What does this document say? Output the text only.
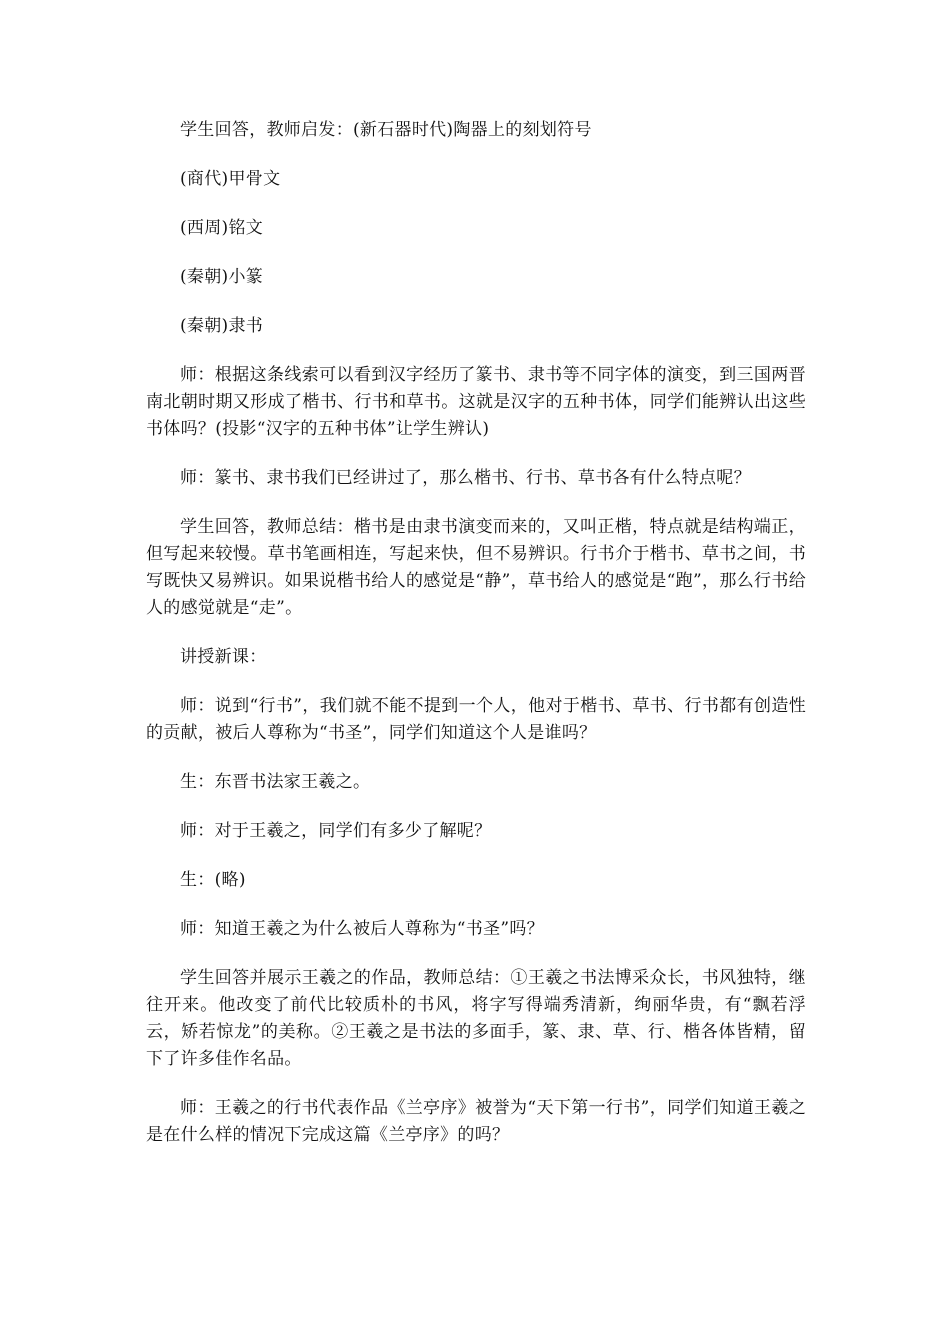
学生回答，教师启发：(新石器时代)陶器上的刻划符号

(商代)甲骨文

(西周)铭文

(秦朝)小篆

(秦朝)隶书

师：根据这条线索可以看到汉字经历了篆书、隶书等不同字体的演变，到三国两晋南北朝时期又形成了楷书、行书和草书。这就是汉字的五种书体，同学们能辨认出这些书体吗？(投影“汉字的五种书体”让学生辨认)

师：篆书、隶书我们已经讲过了，那么楷书、行书、草书各有什么特点呢？

学生回答，教师总结：楷书是由隶书演变而来的，又叫正楷，特点就是结构端正，但写起来较慢。草书笔画相连，写起来快，但不易辨识。行书介于楷书、草书之间，书写既快又易辨识。如果说楷书给人的感觉是“静”，草书给人的感觉是“跑”，那么行书给人的感觉就是“走”。

讲授新课：

师：说到“行书”，我们就不能不提到一个人，他对于楷书、草书、行书都有创造性的贡献，被后人尊称为“书圣”，同学们知道这个人是谁吗？

生：东晋书法家王羲之。

师：对于王羲之，同学们有多少了解呢？

生：(略)

师：知道王羲之为什么被后人尊称为“书圣”吗？

学生回答并展示王羲之的作品，教师总结：①王羲之书法博采众长，书风独特，继往开来。他改变了前代比较质朴的书风，将字写得端秀清新，绚丽华贵，有“飘若浮云，矫若惊龙”的美称。②王羲之是书法的多面手，篆、隶、草、行、楷各体皆精，留下了许多佳作名品。

师：王羲之的行书代表作品《兰亭序》被誉为“天下第一行书”，同学们知道王羲之是在什么样的情况下完成这篇《兰亭序》的吗？
